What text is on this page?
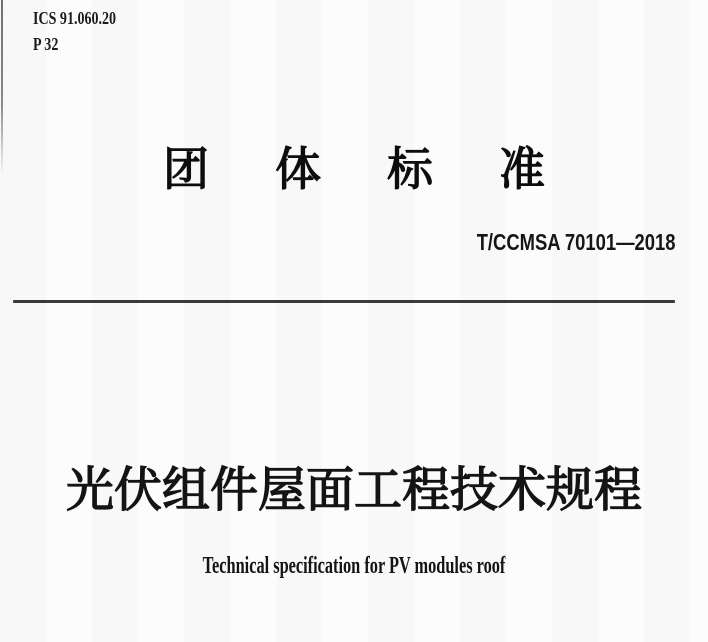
ICS 91.060.20
P 32
团体标准
T/CCMSA 70101—2018
光伏组件屋面工程技术规程
Technical specification for PV modules roof
